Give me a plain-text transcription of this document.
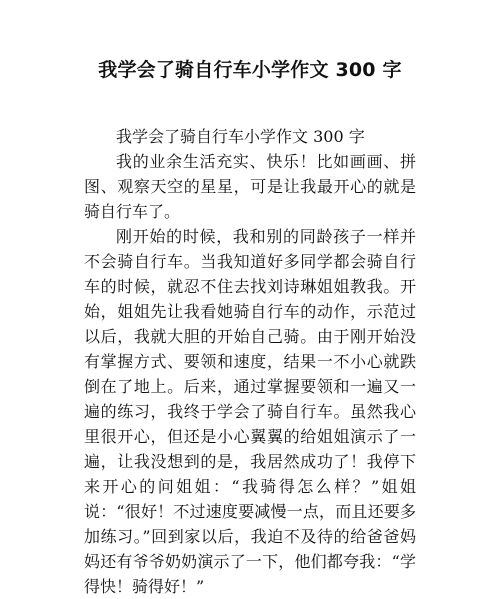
我学会了骑自行车小学作文 300 字

我学会了骑自行车小学作文 300 字

我的业余生活充实、快乐！比如画画、拼图、观察天空的星星，可是让我最开心的就是骑自行车了。

刚开始的时候，我和别的同龄孩子一样并不会骑自行车。当我知道好多同学都会骑自行车的时候，就忍不住去找刘诗琳姐姐教我。开始，姐姐先让我看她骑自行车的动作，示范过以后，我就大胆的开始自己骑。由于刚开始没有掌握方式、要领和速度，结果一不小心就跌倒在了地上。后来，通过掌握要领和一遍又一遍的练习，我终于学会了骑自行车。虽然我心里很开心，但还是小心翼翼的给姐姐演示了一遍，让我没想到的是，我居然成功了！我停下来开心的问姐姐：“我骑得怎么样？”姐姐说：“很好！不过速度要减慢一点，而且还要多加练习。”回到家以后，我迫不及待的给爸爸妈妈还有爷爷奶奶演示了一下，他们都夸我：“学得快！骑得好！”
